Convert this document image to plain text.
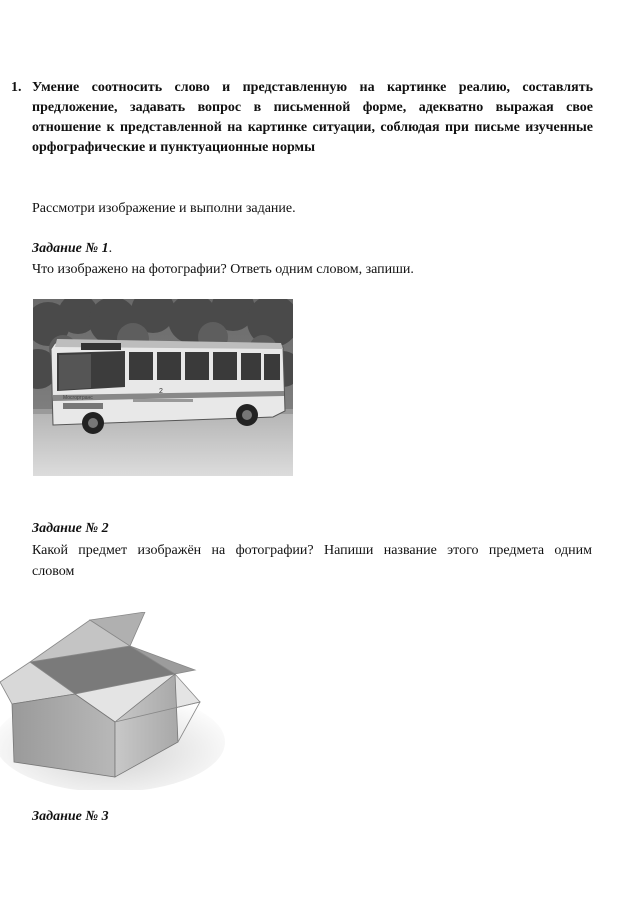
1. Умение соотносить слово и представленную на картинке реалию, составлять предложение, задавать вопрос в письменной форме, адекватно выражая свое отношение к представленной на картинке ситуации, соблюдая при письме изученные орфографические и пунктуационные нормы
Рассмотри изображение и выполни задание.
Задание № 1.
Что изображено на фотографии? Ответь одним словом, запиши.
2
Мосгортранс
Задание № 2
Какой предмет изображён на фотографии? Напиши название этого предмета одним словом
Задание № 3
